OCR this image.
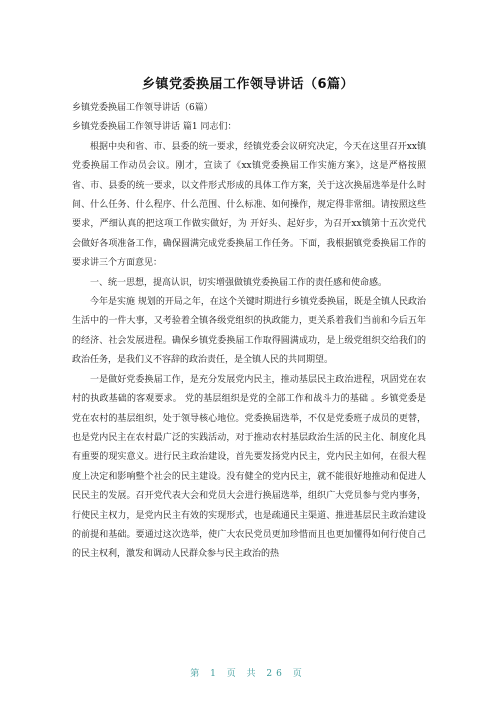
乡镇党委换届工作领导讲话（6篇）

乡镇党委换届工作领导讲话（6篇）

乡镇党委换届工作领导讲话 篇1 同志们：

根据中央和省、市、县委的统一要求，经镇党委会议研究决定，今天在这里召开xx镇党委换届工作动员会议。刚才，宣读了《xx镇党委换届工作实施方案》，这是严格按照省、市、县委的统一要求，以文件形式形成的具体工作方案，关于这次换届选举是什么时间、什么任务、什么程序、什么范围、什么标准、如何操作，规定得非常细。请按照这些要求，严细认真的把这项工作做实做好，为 开好头、起好步，为召开xx镇第十五次党代会做好各项准备工作，确保圆满完成党委换届工作任务。下面，我根据镇党委换届工作的要求讲三个方面意见：

一、统一思想，提高认识，切实增强做镇党委换届工作的责任感和使命感。

今年是实施 规划的开局之年，在这个关键时期进行乡镇党委换届，既是全镇人民政治生活中的一件大事，又考验着全镇各级党组织的执政能力，更关系着我们当前和今后五年的经济、社会发展进程。确保乡镇党委换届工作取得圆满成功，是上级党组织交给我们的政治任务，是我们义不容辞的政治责任，是全镇人民的共同期望。

一是做好党委换届工作，是充分发展党内民主，推动基层民主政治进程，巩固党在农村的执政基础的客观要求。 党的基层组织是党的全部工作和战斗力的基础 。乡镇党委是党在农村的基层组织，处于领导核心地位。党委换届选举，不仅是党委班子成员的更替，也是党内民主在农村最广泛的实践活动，对于推动农村基层政治生活的民主化、制度化具有重要的现实意义。进行民主政治建设，首先要发扬党内民主，党内民主如何，在很大程度上决定和影响整个社会的民主建设。没有健全的党内民主，就不能很好地推动和促进人民民主的发展。召开党代表大会和党员大会进行换届选举，组织广大党员参与党内事务，行使民主权力，是党内民主有效的实现形式，也是疏通民主渠道、推进基层民主政治建设的前提和基础。要通过这次选举，使广大农民党员更加珍惜而且也更加懂得如何行使自己的民主权利，激发和调动人民群众参与民主政治的热

第 1 页 共 26 页
